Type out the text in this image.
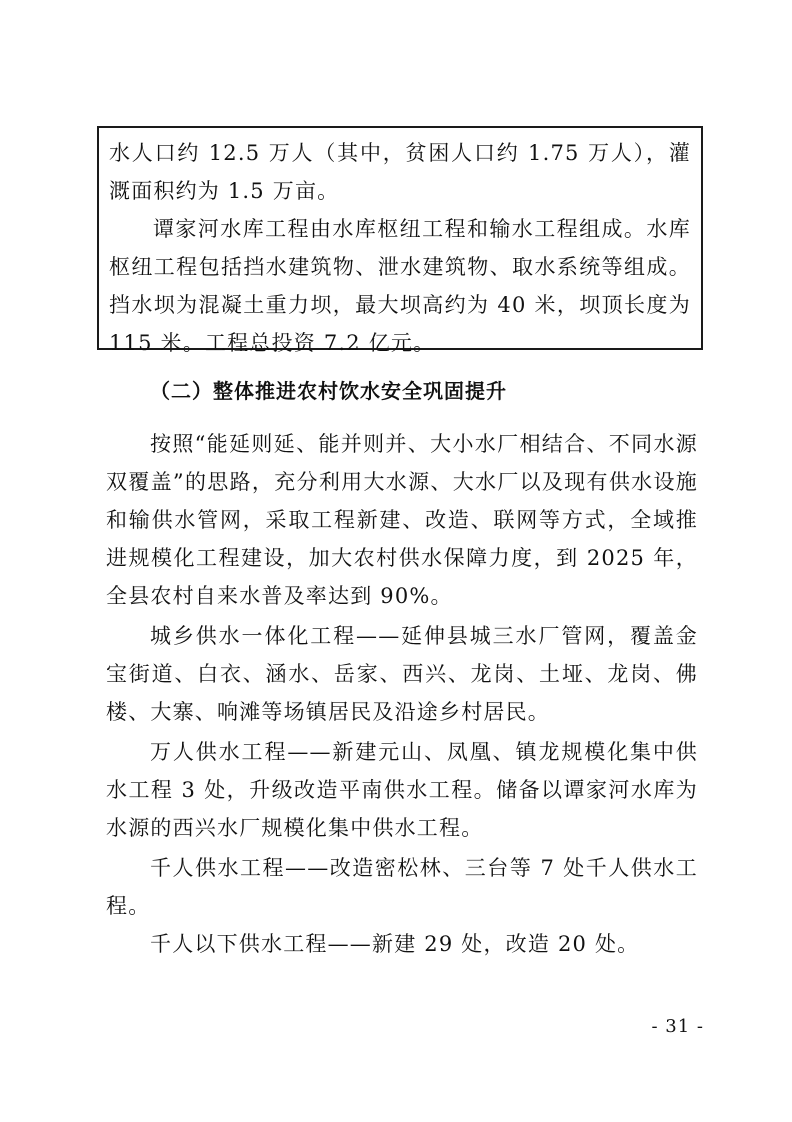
水人口约 12.5 万人（其中，贫困人口约 1.75 万人），灌溉面积约为 1.5 万亩。

谭家河水库工程由水库枢纽工程和输水工程组成。水库枢纽工程包括挡水建筑物、泄水建筑物、取水系统等组成。挡水坝为混凝土重力坝，最大坝高约为 40 米，坝顶长度为 115 米。工程总投资 7.2 亿元。

（二）整体推进农村饮水安全巩固提升

按照“能延则延、能并则并、大小水厂相结合、不同水源双覆盖”的思路，充分利用大水源、大水厂以及现有供水设施和输供水管网，采取工程新建、改造、联网等方式，全域推进规模化工程建设，加大农村供水保障力度，到 2025 年，全县农村自来水普及率达到 90%。

城乡供水一体化工程——延伸县城三水厂管网，覆盖金宝街道、白衣、涵水、岳家、西兴、龙岗、土垭、龙岗、佛楼、大寨、响滩等场镇居民及沿途乡村居民。

万人供水工程——新建元山、凤凰、镇龙规模化集中供水工程 3 处，升级改造平南供水工程。储备以谭家河水库为水源的西兴水厂规模化集中供水工程。

千人供水工程——改造密松林、三台等 7 处千人供水工程。

千人以下供水工程——新建 29 处，改造 20 处。

- 31 -
